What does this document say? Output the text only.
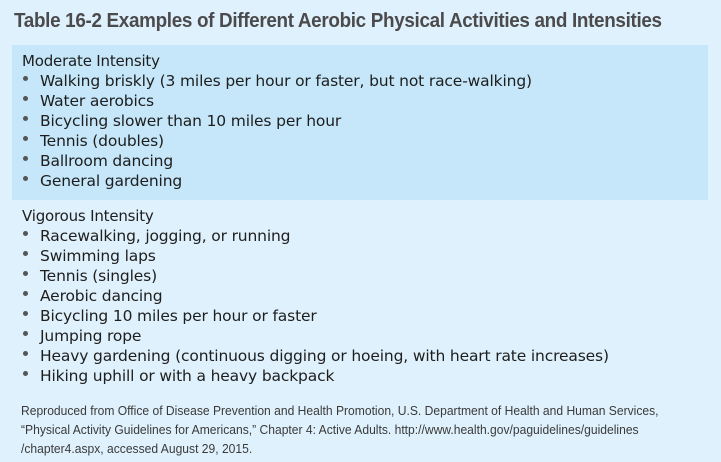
Table 16-2 Examples of Different Aerobic Physical Activities and Intensities
Moderate Intensity
Walking briskly (3 miles per hour or faster, but not race-walking)
Water aerobics
Bicycling slower than 10 miles per hour
Tennis (doubles)
Ballroom dancing
General gardening
Vigorous Intensity
Racewalking, jogging, or running
Swimming laps
Tennis (singles)
Aerobic dancing
Bicycling 10 miles per hour or faster
Jumping rope
Heavy gardening (continuous digging or hoeing, with heart rate increases)
Hiking uphill or with a heavy backpack
Reproduced from Office of Disease Prevention and Health Promotion, U.S. Department of Health and Human Services,
“Physical Activity Guidelines for Americans,” Chapter 4: Active Adults. http://www.health.gov/paguidelines/guidelines
/chapter4.aspx, accessed August 29, 2015.
